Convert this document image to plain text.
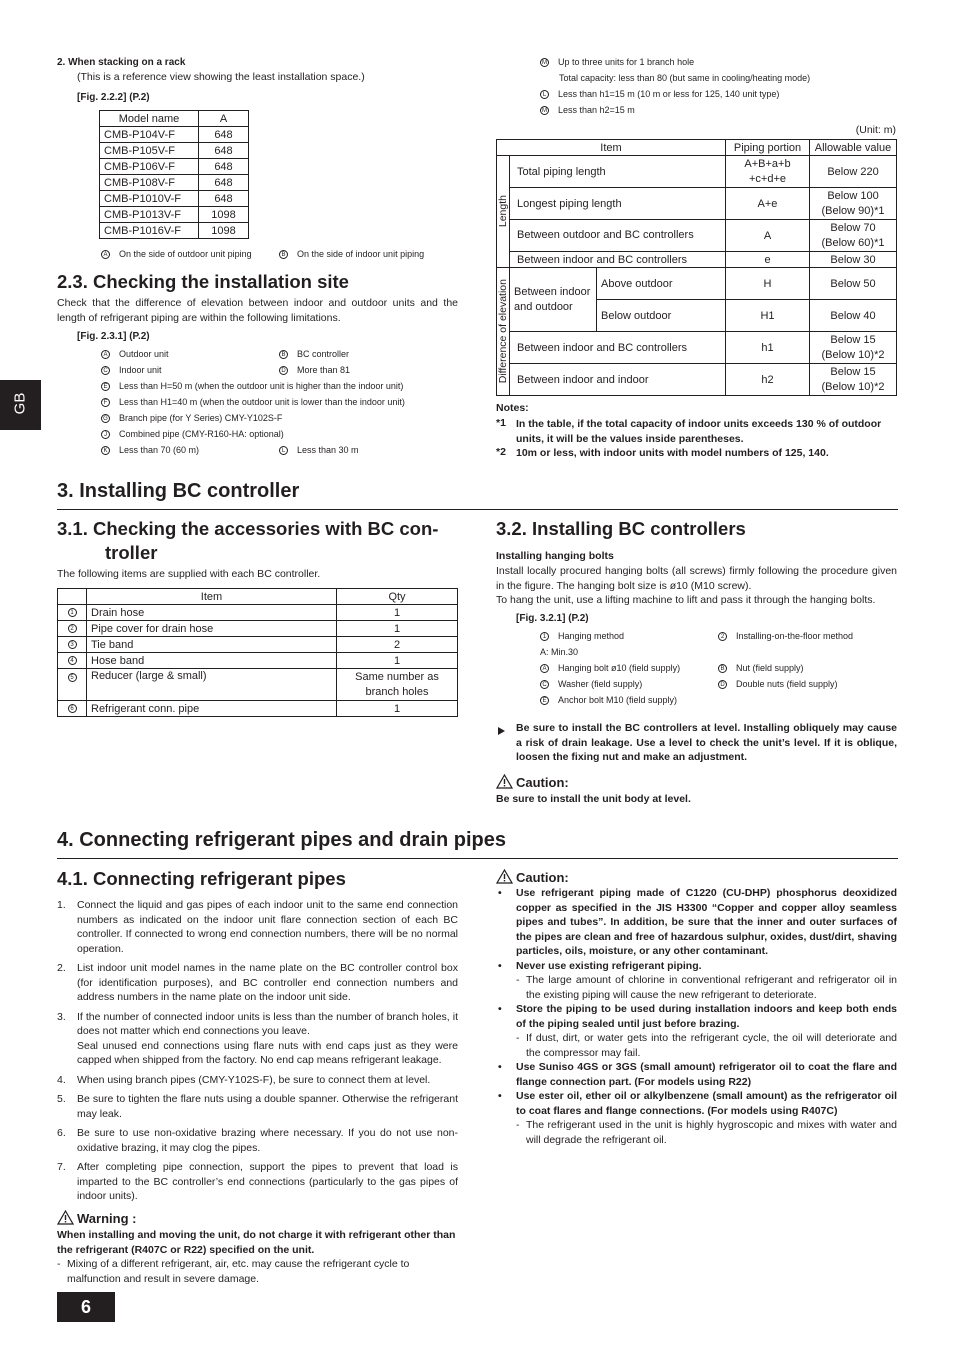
2. When stacking on a rack
(This is a reference view showing the least installation space.)
[Fig. 2.2.2] (P.2)
Model name	A
CMB-P104V-F	648
CMB-P105V-F	648
CMB-P106V-F	648
CMB-P108V-F	648
CMB-P1010V-F	648
CMB-P1013V-F	1098
CMB-P1016V-F	1098
A On the side of outdoor unit piping	B On the side of indoor unit piping
2.3. Checking the installation site
Check that the difference of elevation between indoor and outdoor units and the length of refrigerant piping are within the following limitations.
[Fig. 2.3.1] (P.2)
A Outdoor unit	B BC controller
C Indoor unit	D More than 81
E Less than H=50 m (when the outdoor unit is higher than the indoor unit)
F Less than H1=40 m (when the outdoor unit is lower than the indoor unit)
G Branch pipe (for Y Series) CMY-Y102S-F
J Combined pipe (CMY-R160-HA: optional)
K Less than 70 (60 m)	L Less than 30 m
M Up to three units for 1 branch hole
Total capacity: less than 80 (but same in cooling/heating mode)
L Less than h1=15 m (10 m or less for 125, 140 unit type)
M Less than h2=15 m
(Unit: m)
Item			Piping portion	Allowable value

Length	Total piping length		A+B+a+b +c+d+e	Below 220
	Longest piping length		A+e	Below 100 (Below 90)*1
	Between outdoor and BC controllers		A	Below 70 (Below 60)*1
	Between indoor and BC controllers		e	Below 30

Difference of elevation	Between indoor and outdoor	Above outdoor	H	Below 50
		Below outdoor	H1	Below 40
	Between indoor and BC controllers		h1	Below 15 (Below 10)*2
	Between indoor and indoor		h2	Below 15 (Below 10)*2
Notes:
*1 In the table, if the total capacity of indoor units exceeds 130 % of outdoor units, it will be the values inside parentheses.
*2 10m or less, with indoor units with model numbers of 125, 140.
GB
3. Installing BC controller
3.1. Checking the accessories with BC con-
troller
The following items are supplied with each BC controller.
	Item	Qty
1	Drain hose	1
2	Pipe cover for drain hose	1
3	Tie band	2
4	Hose band	1
5	Reducer (large & small)	Same number as branch holes
6	Refrigerant conn. pipe	1
3.2. Installing BC controllers
Installing hanging bolts
Install locally procured hanging bolts (all screws) firmly following the procedure given in the figure. The hanging bolt size is ø10 (M10 screw).
To hang the unit, use a lifting machine to lift and pass it through the hanging bolts.
[Fig. 3.2.1] (P.2)
1 Hanging method	2 Installing-on-the-floor method
A: Min.30
A Hanging bolt ø10 (field supply)	B Nut (field supply)
C Washer (field supply)	D Double nuts (field supply)
E Anchor bolt M10 (field supply)
Be sure to install the BC controllers at level. Installing obliquely may cause a risk of drain leakage. Use a level to check the unit’s level. If it is oblique, loosen the fixing nut and make an adjustment.
Caution:
Be sure to install the unit body at level.
4. Connecting refrigerant pipes and drain pipes
4.1. Connecting refrigerant pipes
1. Connect the liquid and gas pipes of each indoor unit to the same end connection numbers as indicated on the indoor unit flare connection section of each BC controller. If connected to wrong end connection numbers, there will be no normal operation.
2. List indoor unit model names in the name plate on the BC controller control box (for identification purposes), and BC controller end connection numbers and address numbers in the name plate on the indoor unit side.
3. If the number of connected indoor units is less than the number of branch holes, it does not matter which end connections you leave.
Seal unused end connections using flare nuts with end caps just as they were capped when shipped from the factory. No end cap means refrigerant leakage.
4. When using branch pipes (CMY-Y102S-F), be sure to connect them at level.
5. Be sure to tighten the flare nuts using a double spanner. Otherwise the refrigerant may leak.
6. Be sure to use non-oxidative brazing where necessary. If you do not use non-oxidative brazing, it may clog the pipes.
7. After completing pipe connection, support the pipes to prevent that load is imparted to the BC controller’s end connections (particularly to the gas pipes of indoor units).
Warning :
When installing and moving the unit, do not charge it with refrigerant other than the refrigerant (R407C or R22) specified on the unit.
- Mixing of a different refrigerant, air, etc. may cause the refrigerant cycle to malfunction and result in severe damage.
Caution:
• Use refrigerant piping made of C1220 (CU-DHP) phosphorus deoxidized copper as specified in the JIS H3300 “Copper and copper alloy seamless pipes and tubes”. In addition, be sure that the inner and outer surfaces of the pipes are clean and free of hazardous sulphur, oxides, dust/dirt, shaving particles, oils, moisture, or any other contaminant.
• Never use existing refrigerant piping.
- The large amount of chlorine in conventional refrigerant and refrigerator oil in the existing piping will cause the new refrigerant to deteriorate.
• Store the piping to be used during installation indoors and keep both ends of the piping sealed until just before brazing.
- If dust, dirt, or water gets into the refrigerant cycle, the oil will deteriorate and the compressor may fail.
• Use Suniso 4GS or 3GS (small amount) refrigerator oil to coat the flare and flange connection part. (For models using R22)
• Use ester oil, ether oil or alkylbenzene (small amount) as the refrigerator oil to coat flares and flange connections. (For models using R407C)
- The refrigerant used in the unit is highly hygroscopic and mixes with water and will degrade the refrigerant oil.
6
